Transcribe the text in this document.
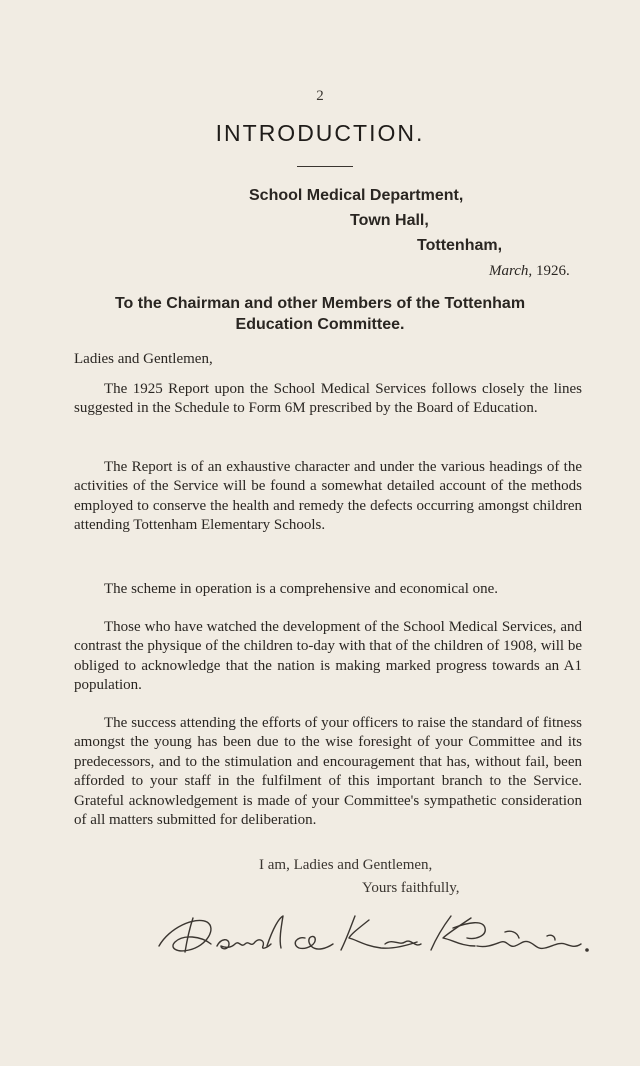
2
INTRODUCTION.
School Medical Department,
Town Hall,
Tottenham,
March, 1926.
To the Chairman and other Members of the Tottenham
Education Committee.
Ladies and Gentlemen,

The 1925 Report upon the School Medical Services follows closely the lines suggested in the Schedule to Form 6M prescribed by the Board of Education.

The Report is of an exhaustive character and under the various headings of the activities of the Service will be found a somewhat detailed account of the methods employed to conserve the health and remedy the defects occurring amongst children attending Tottenham Elementary Schools.

The scheme in operation is a comprehensive and economical one.

Those who have watched the development of the School Medical Services, and contrast the physique of the children to-day with that of the children of 1908, will be obliged to acknowledge that the nation is making marked progress towards an A1 population.

The success attending the efforts of your officers to raise the standard of fitness amongst the young has been due to the wise foresight of your Committee and its predecessors, and to the stimulation and encouragement that has, without fail, been afforded to your staff in the fulfilment of this important branch to the Service. Grateful acknowledgement is made of your Committee's sympathetic consideration of all matters submitted for deliberation.

I am, Ladies and Gentlemen,
Yours faithfully,
